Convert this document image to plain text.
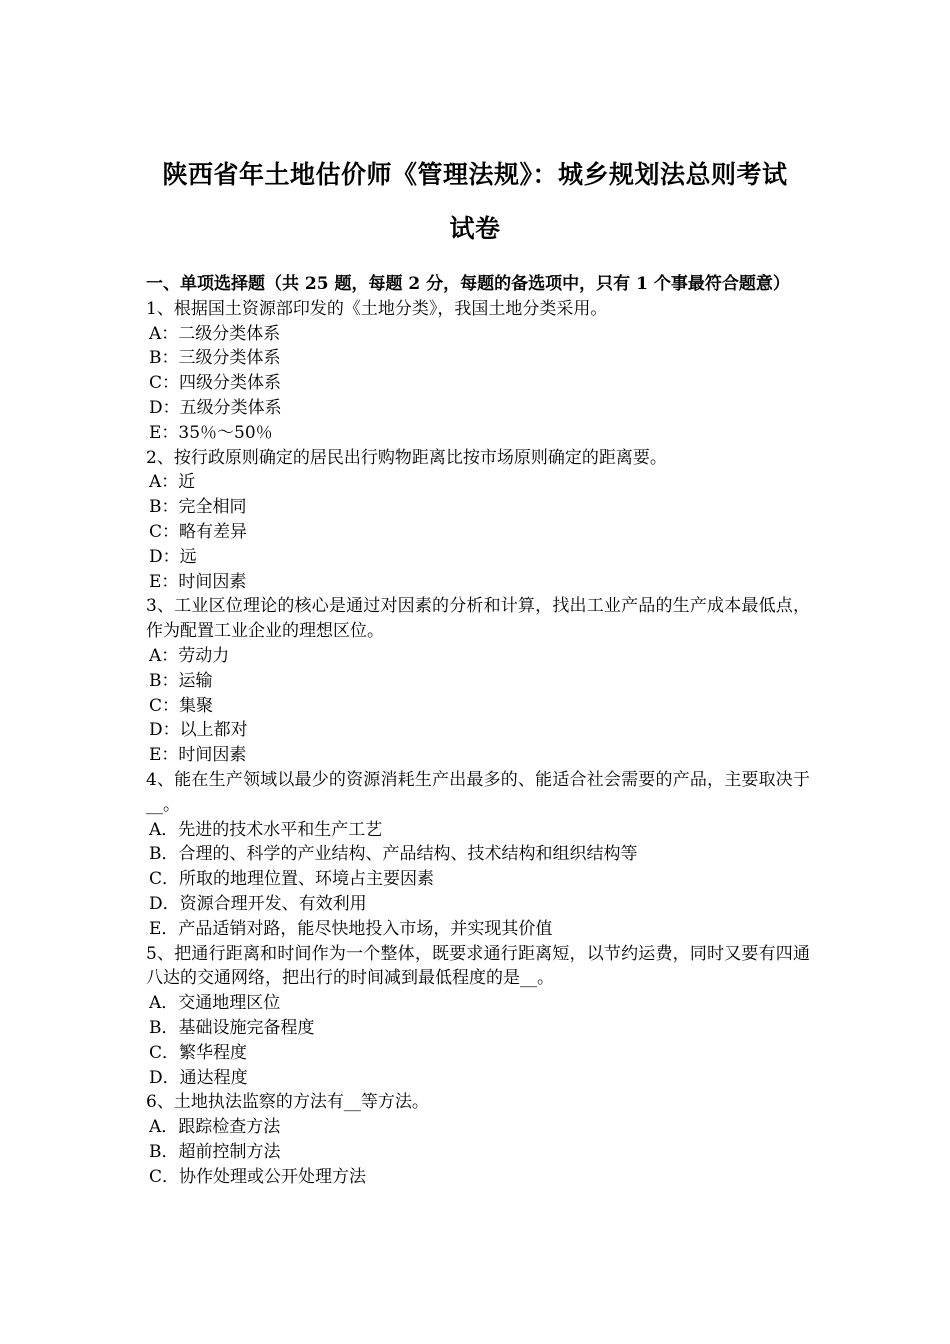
陕西省年土地估价师《管理法规》：城乡规划法总则考试
试卷
一、单项选择题（共 25 题，每题 2 分，每题的备选项中，只有 1 个事最符合题意）
1、根据国土资源部印发的《土地分类》，我国土地分类采用。
A：二级分类体系
B：三级分类体系
C：四级分类体系
D：五级分类体系
E：35％～50％
2、按行政原则确定的居民出行购物距离比按市场原则确定的距离要。
A：近
B：完全相同
C：略有差异
D：远
E：时间因素
3、工业区位理论的核心是通过对因素的分析和计算，找出工业产品的生产成本最低点，作为配置工业企业的理想区位。
A：劳动力
B：运输
C：集聚
D：以上都对
E：时间因素
4、能在生产领域以最少的资源消耗生产出最多的、能适合社会需要的产品，主要取决于__。
A．先进的技术水平和生产工艺
B．合理的、科学的产业结构、产品结构、技术结构和组织结构等
C．所取的地理位置、环境占主要因素
D．资源合理开发、有效利用
E．产品适销对路，能尽快地投入市场，并实现其价值
5、把通行距离和时间作为一个整体，既要求通行距离短，以节约运费，同时又要有四通八达的交通网络，把出行的时间减到最低程度的是__。
A．交通地理区位
B．基础设施完备程度
C．繁华程度
D．通达程度
6、土地执法监察的方法有__等方法。
A．跟踪检查方法
B．超前控制方法
C．协作处理或公开处理方法
